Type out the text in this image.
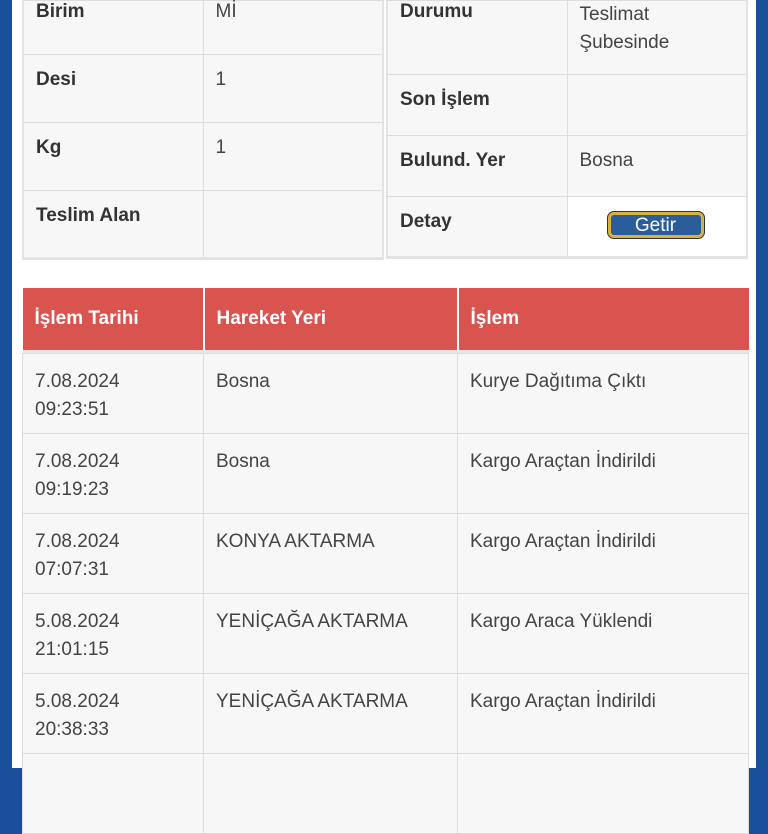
Birim	Mİ
Desi	1
Kg	1
Teslim Alan	
Durumu	Teslimat Şubesinde
Son İşlem	
Bulund. Yer	Bosna
Detay	Getir
İşlem Tarihi	Hareket Yeri	İşlem

7.08.2024
09:23:51	Bosna	Kurye Dağıtıma Çıktı

7.08.2024
09:19:23	Bosna	Kargo Araçtan İndirildi

7.08.2024
07:07:31	KONYA AKTARMA	Kargo Araçtan İndirildi

5.08.2024
21:01:15	YENİÇAĞA AKTARMA	Kargo Araca Yüklendi

5.08.2024
20:38:33	YENİÇAĞA AKTARMA	Kargo Araçtan İndirildi
